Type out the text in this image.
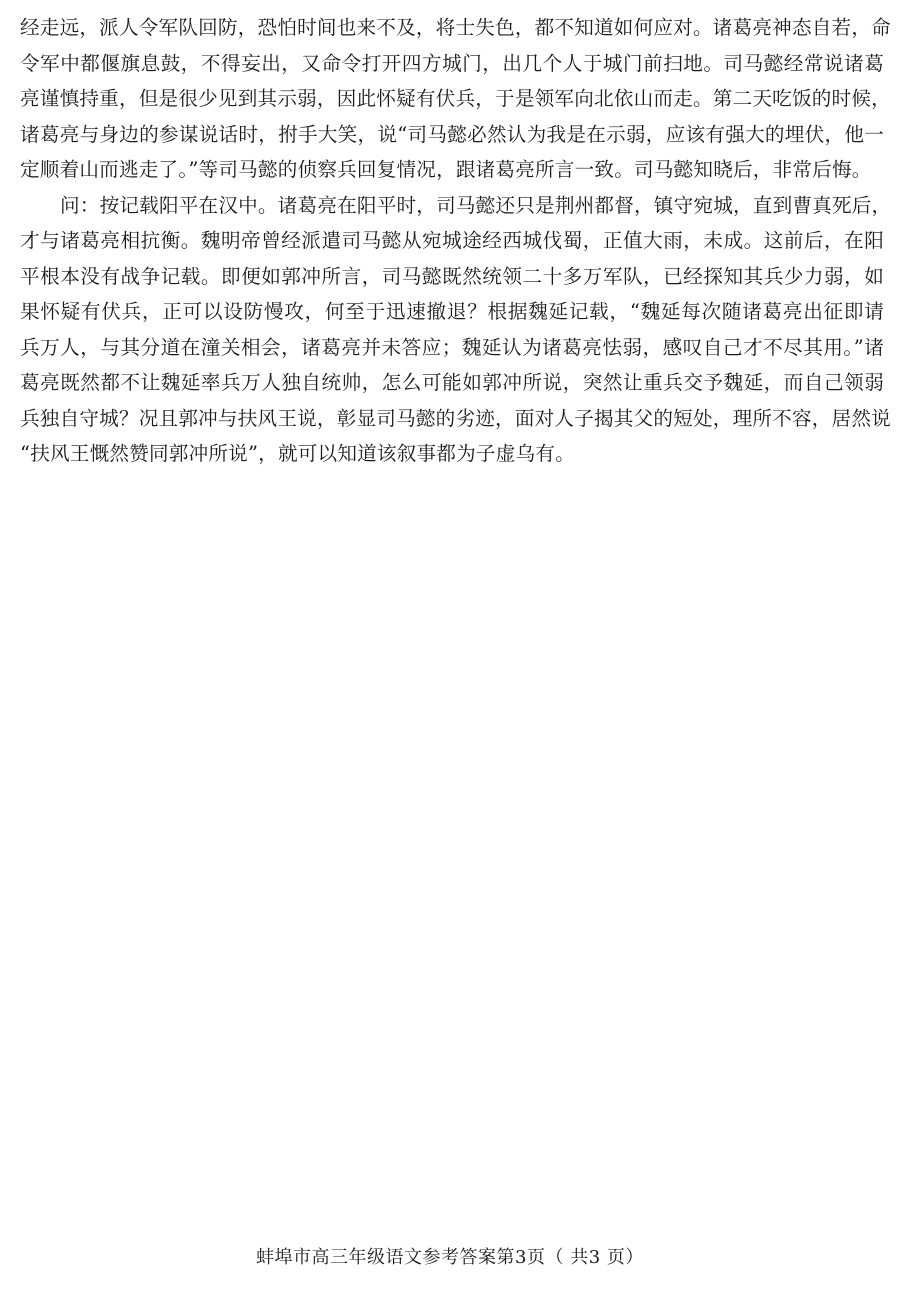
经走远，派人令军队回防，恐怕时间也来不及，将士失色，都不知道如何应对。诸葛亮神态自若，命
令军中都偃旗息鼓，不得妄出，又命令打开四方城门，出几个人于城门前扫地。司马懿经常说诸葛
亮谨慎持重，但是很少见到其示弱，因此怀疑有伏兵，于是领军向北依山而走。第二天吃饭的时候，
诸葛亮与身边的参谋说话时，拊手大笑，说“司马懿必然认为我是在示弱，应该有强大的埋伏，他一
定顺着山而逃走了。”等司马懿的侦察兵回复情况，跟诸葛亮所言一致。司马懿知晓后，非常后悔。
问：按记载阳平在汉中。诸葛亮在阳平时，司马懿还只是荆州都督，镇守宛城，直到曹真死后，
才与诸葛亮相抗衡。魏明帝曾经派遣司马懿从宛城途经西城伐蜀，正值大雨，未成。这前后，在阳
平根本没有战争记载。即便如郭冲所言，司马懿既然统领二十多万军队，已经探知其兵少力弱，如
果怀疑有伏兵，正可以设防慢攻，何至于迅速撤退？根据魏延记载，“魏延每次随诸葛亮出征即请
兵万人，与其分道在潼关相会，诸葛亮并未答应；魏延认为诸葛亮怯弱，感叹自己才不尽其用。”诸
葛亮既然都不让魏延率兵万人独自统帅，怎么可能如郭冲所说，突然让重兵交予魏延，而自己领弱
兵独自守城？况且郭冲与扶风王说，彰显司马懿的劣迹，面对人子揭其父的短处，理所不容，居然说
“扶风王慨然赞同郭冲所说”，就可以知道该叙事都为子虚乌有。
蚌埠市高三年级语文参考答案第3页（ 共3 页）
